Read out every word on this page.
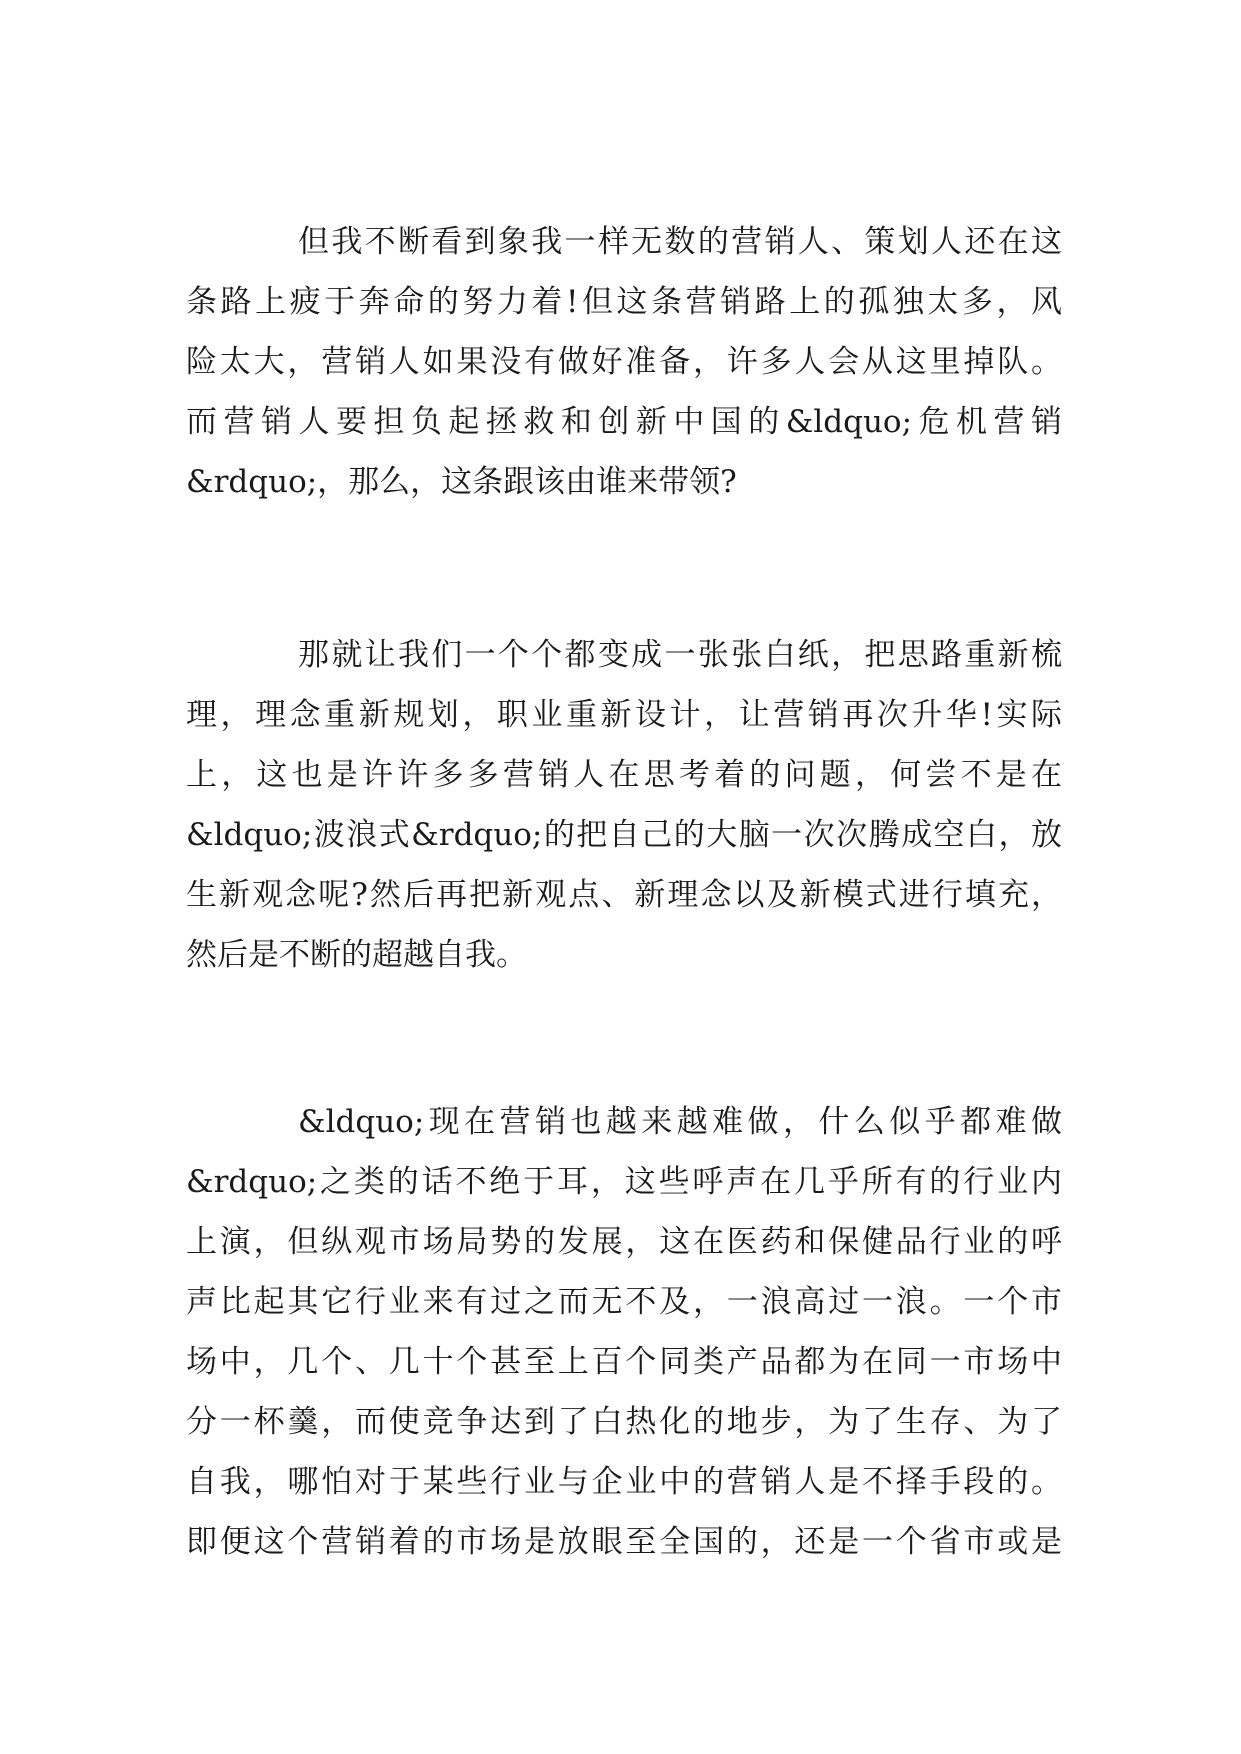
但我不断看到象我一样无数的营销人、策划人还在这
条路上疲于奔命的努力着!但这条营销路上的孤独太多，风
险太大，营销人如果没有做好准备，许多人会从这里掉队。
而营销人要担负起拯救和创新中国的&ldquo;危机营销
&rdquo;，那么，这条跟该由谁来带领?
那就让我们一个个都变成一张张白纸，把思路重新梳
理，理念重新规划，职业重新设计，让营销再次升华!实际
上，这也是许许多多营销人在思考着的问题，何尝不是在
&ldquo;波浪式&rdquo;的把自己的大脑一次次腾成空白，放
生新观念呢?然后再把新观点、新理念以及新模式进行填充，
然后是不断的超越自我。
&ldquo;现在营销也越来越难做，什么似乎都难做
&rdquo;之类的话不绝于耳，这些呼声在几乎所有的行业内
上演，但纵观市场局势的发展，这在医药和保健品行业的呼
声比起其它行业来有过之而无不及，一浪高过一浪。一个市
场中，几个、几十个甚至上百个同类产品都为在同一市场中
分一杯羹，而使竞争达到了白热化的地步，为了生存、为了
自我，哪怕对于某些行业与企业中的营销人是不择手段的。
即便这个营销着的市场是放眼至全国的，还是一个省市或是
